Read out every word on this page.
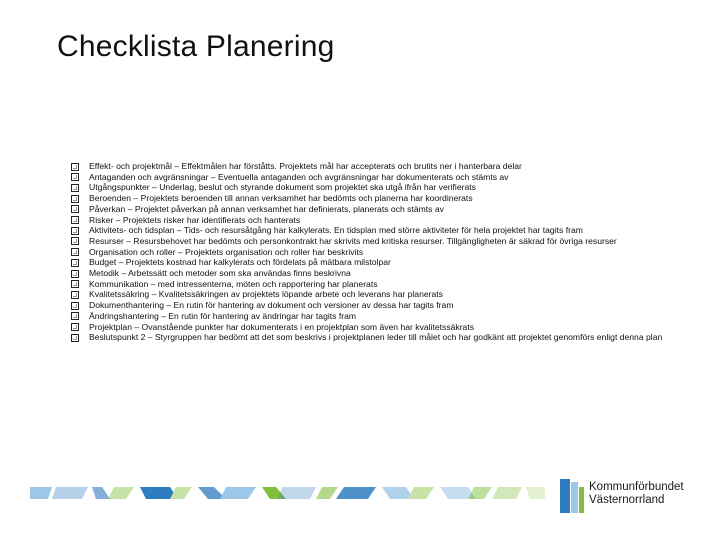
Checklista Planering
Effekt- och projektmål – Effektmålen har förståtts. Projektets mål har accepterats och brutits ner i hanterbara delar
Antaganden och avgränsningar – Eventuella antaganden och avgränsningar har dokumenterats och stämts av
Utgångspunkter – Underlag, beslut och styrande dokument som projektet ska utgå ifrån har verifierats
Beroenden – Projektets beroenden till annan verksamhet har bedömts och planerna har koordinerats
Påverkan – Projektet påverkan på annan verksamhet har definierats, planerats och stämts av
Risker – Projektets risker har identifierats och hanterats
Aktivitets- och tidsplan – Tids- och resursåtgång har kalkylerats. En tidsplan med större aktiviteter för hela projektet har tagits fram
Resurser – Resursbehovet har bedömts och personkontrakt har skrivits med kritiska resurser. Tillgängligheten är säkrad för övriga resurser
Organisation och roller – Projektets organisation och roller har beskrivits
Budget – Projektets kostnad har kalkylerats och fördelats på mätbara milstolpar
Metodik – Arbetssätt och metoder som ska användas finns beskrivna
Kommunikation – med intressenterna, möten och rapportering har planerats
Kvalitetssäkring – Kvalitetssäkringen av projektets löpande arbete och leverans har planerats
Dokumenthantering – En rutin för hantering av dokument och versioner av dessa har tagits fram
Ändringshantering – En rutin för hantering av ändringar har tagits fram
Projektplan – Ovanstående punkter har dokumenterats i en projektplan som även har kvalitetssäkrats
Beslutspunkt 2 – Styrgruppen har bedömt att det som beskrivs i projektplanen leder till målet och har godkänt att projektet genomförs enligt denna plan
Kommunförbundet
Västernorrland
